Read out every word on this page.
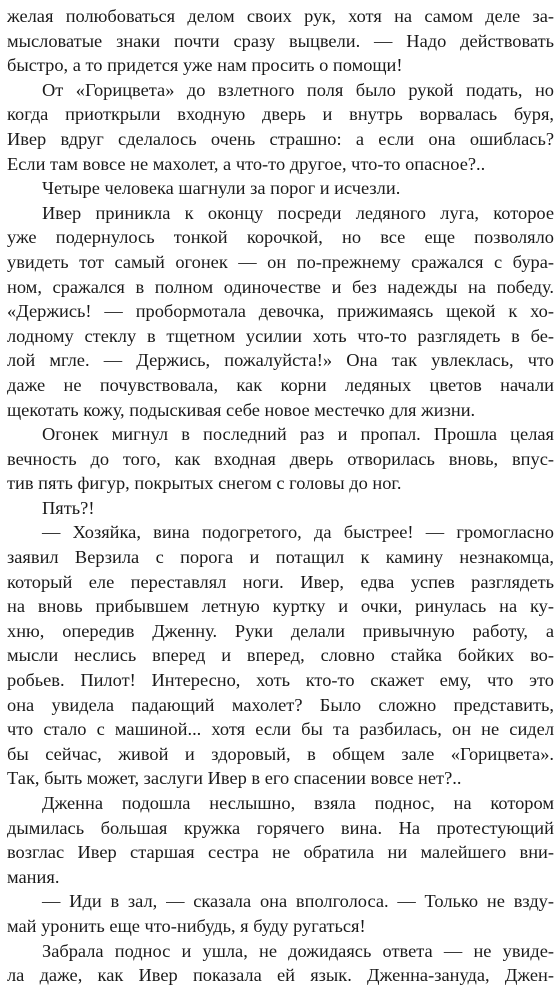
желая полюбоваться делом своих рук, хотя на самом деле за-

мысловатые знаки почти сразу выцвели. — Надо действовать

быстро, а то придется уже нам просить о помощи!

От «Горицвета» до взлетного поля было рукой подать, но

когда приоткрыли входную дверь и внутрь ворвалась буря,

Ивер вдруг сделалось очень страшно: а если она ошиблась?

Если там вовсе не махолет, а что-то другое, что-то опасное?..

Четыре человека шагнули за порог и исчезли.

Ивер приникла к оконцу посреди ледяного луга, которое

уже подернулось тонкой корочкой, но все еще позволяло

увидеть тот самый огонек — он по-прежнему сражался с бура-

ном, сражался в полном одиночестве и без надежды на победу.

«Держись! — пробормотала девочка, прижимаясь щекой к хо-

лодному стеклу в тщетном усилии хоть что-то разглядеть в бе-

лой мгле. — Держись, пожалуйста!» Она так увлеклась, что

даже не почувствовала, как корни ледяных цветов начали

щекотать кожу, подыскивая себе новое местечко для жизни.

Огонек мигнул в последний раз и пропал. Прошла целая

вечность до того, как входная дверь отворилась вновь, впус-

тив пять фигур, покрытых снегом с головы до ног.

Пять?!

— Хозяйка, вина подогретого, да быстрее! — громогласно

заявил Верзила с порога и потащил к камину незнакомца,

который еле переставлял ноги. Ивер, едва успев разглядеть

на вновь прибывшем летную куртку и очки, ринулась на ку-

хню, опередив Дженну. Руки делали привычную работу, а

мысли неслись вперед и вперед, словно стайка бойких во-

робьев. Пилот! Интересно, хоть кто-то скажет ему, что это

она увидела падающий махолет? Было сложно представить,

что стало с машиной... хотя если бы та разбилась, он не сидел

бы сейчас, живой и здоровый, в общем зале «Горицвета».

Так, быть может, заслуги Ивер в его спасении вовсе нет?..

Дженна подошла неслышно, взяла поднос, на котором

дымилась большая кружка горячего вина. На протестующий

возглас Ивер старшая сестра не обратила ни малейшего вни-

мания.

— Иди в зал, — сказала она вполголоса. — Только не взду-

май уронить еще что-нибудь, я буду ругаться!

Забрала поднос и ушла, не дожидаясь ответа — не увиде-

ла даже, как Ивер показала ей язык. Дженна-зануда, Джен-
